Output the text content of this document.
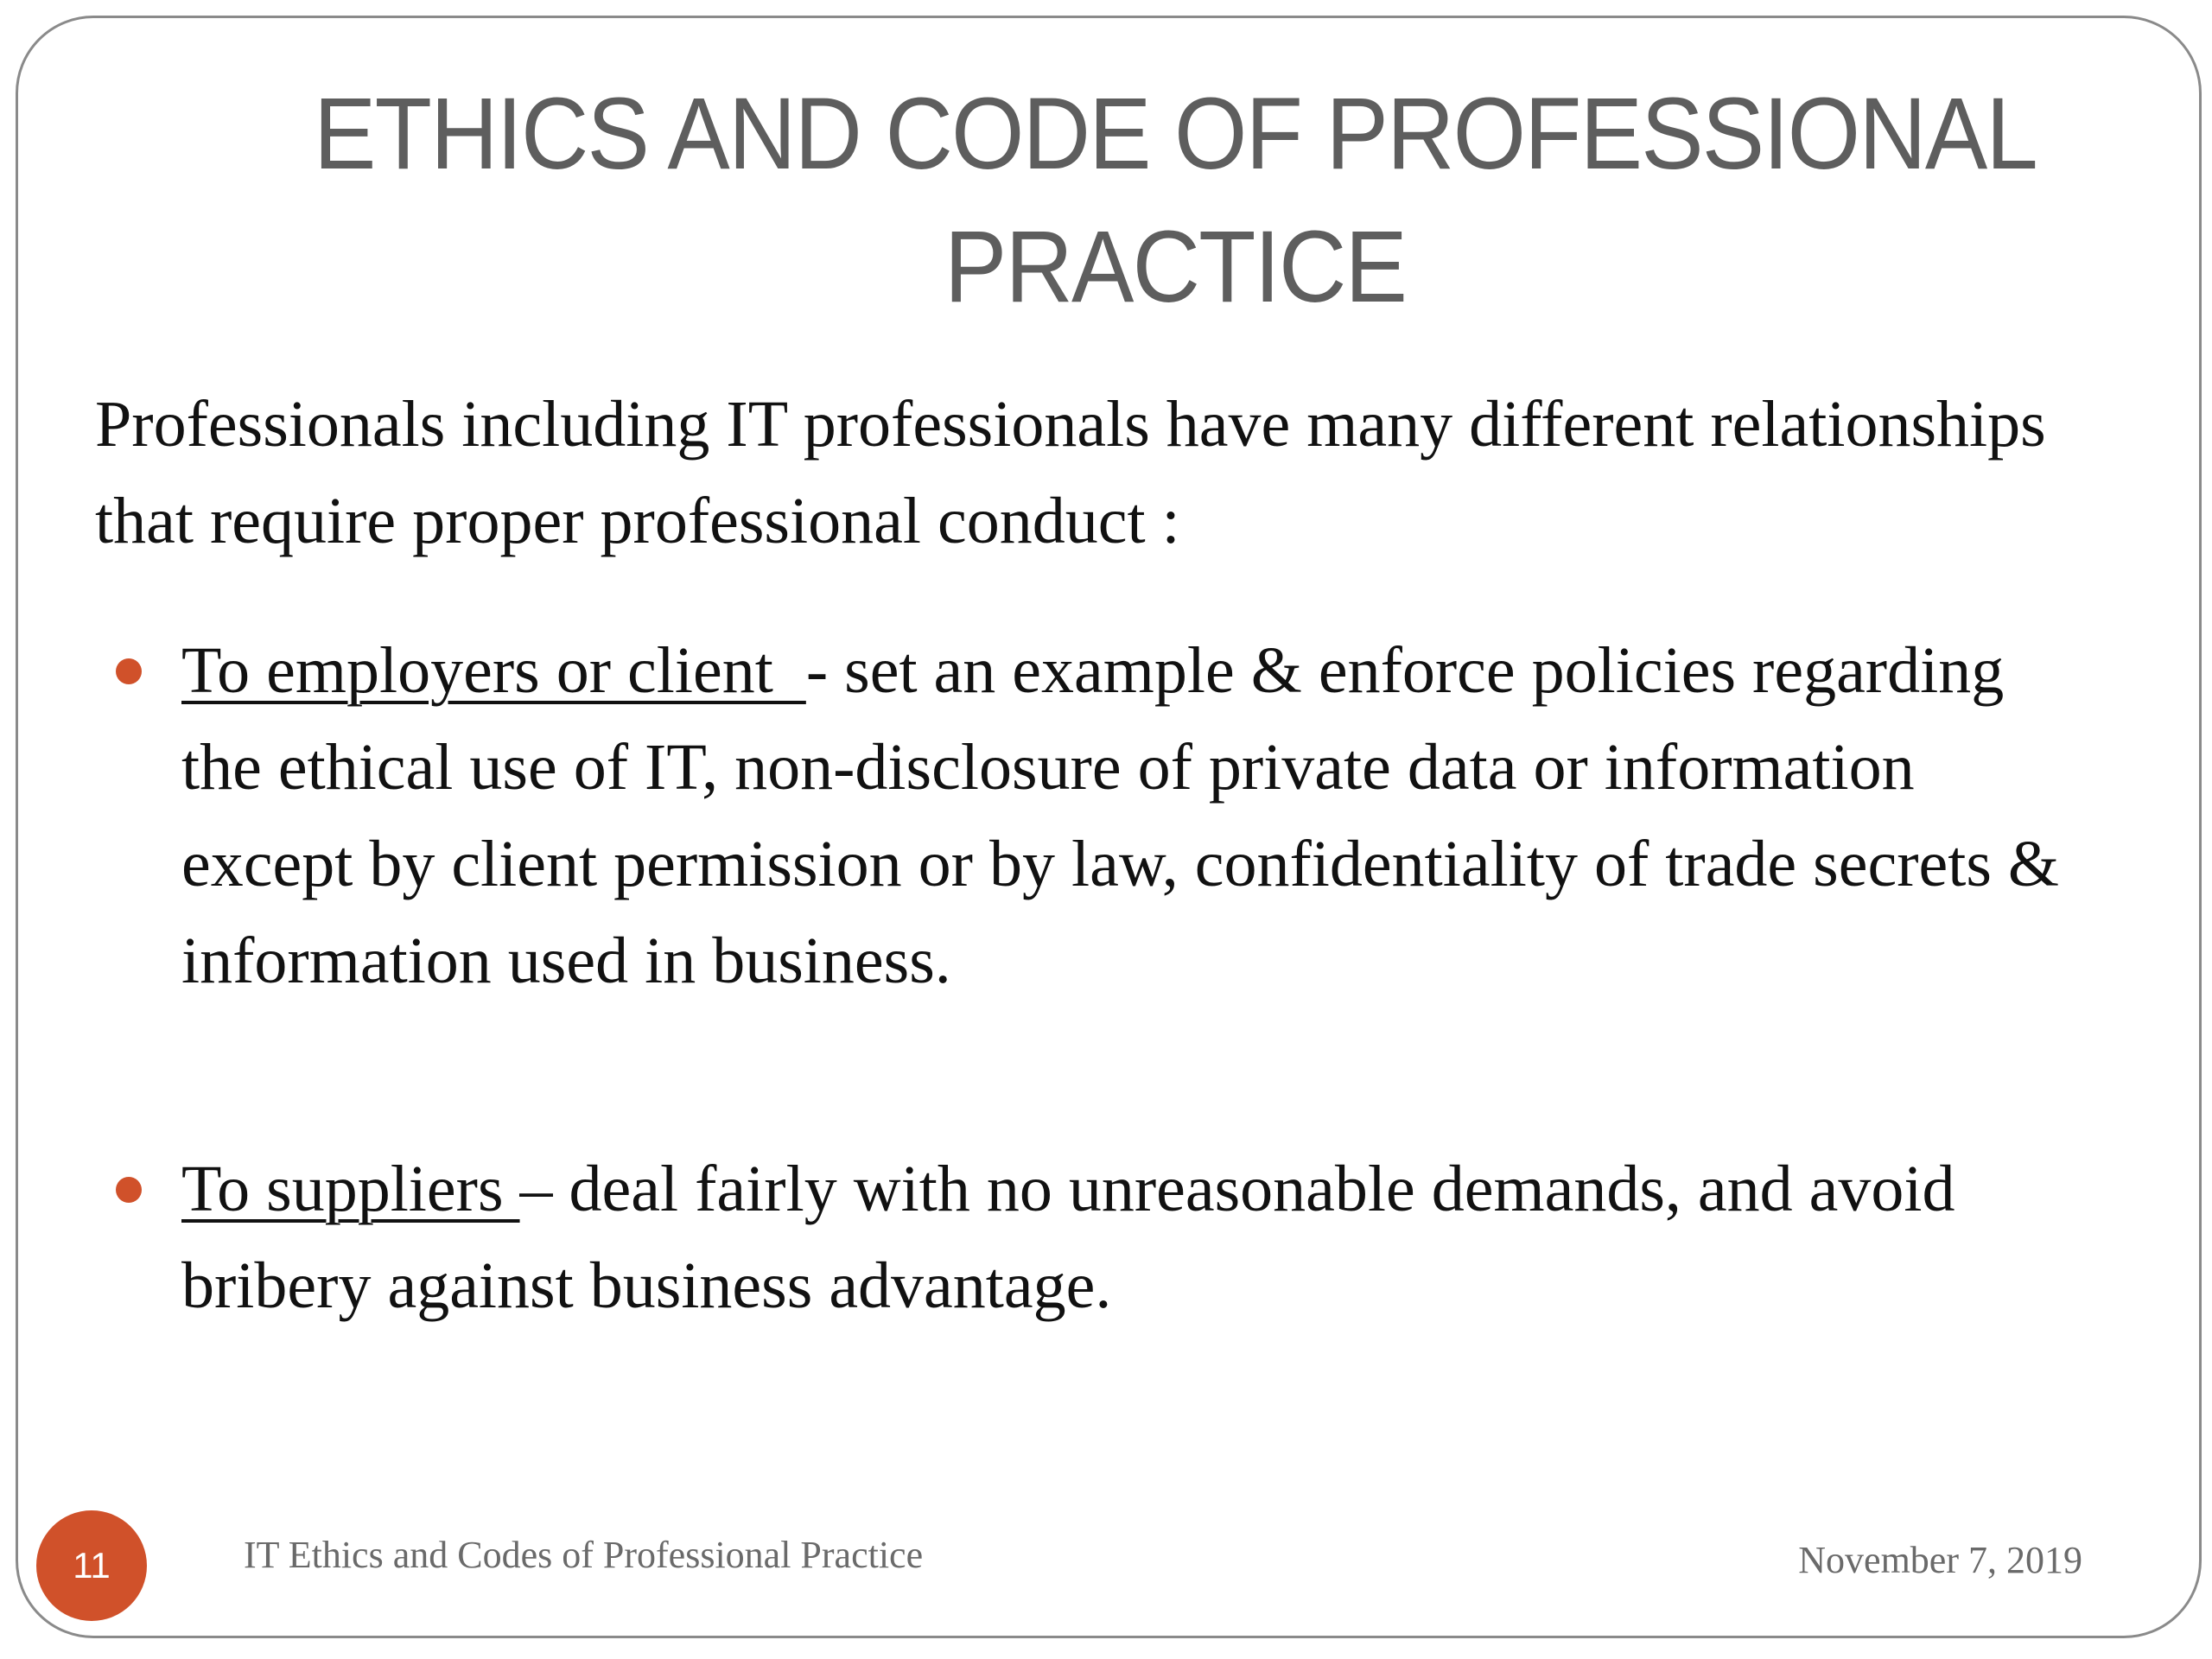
ETHICS AND CODE OF PROFESSIONAL
PRACTICE

Professionals including IT professionals have many different relationships that require proper professional conduct :

To employers or client  - set an example & enforce policies regarding the ethical use of IT, non-disclosure of private data or information except by client permission or by law, confidentiality of trade secrets & information used in business.
To suppliers – deal fairly with no unreasonable demands, and avoid bribery against business advantage.
11	IT Ethics and Codes of Professional Practice	November 7, 2019
